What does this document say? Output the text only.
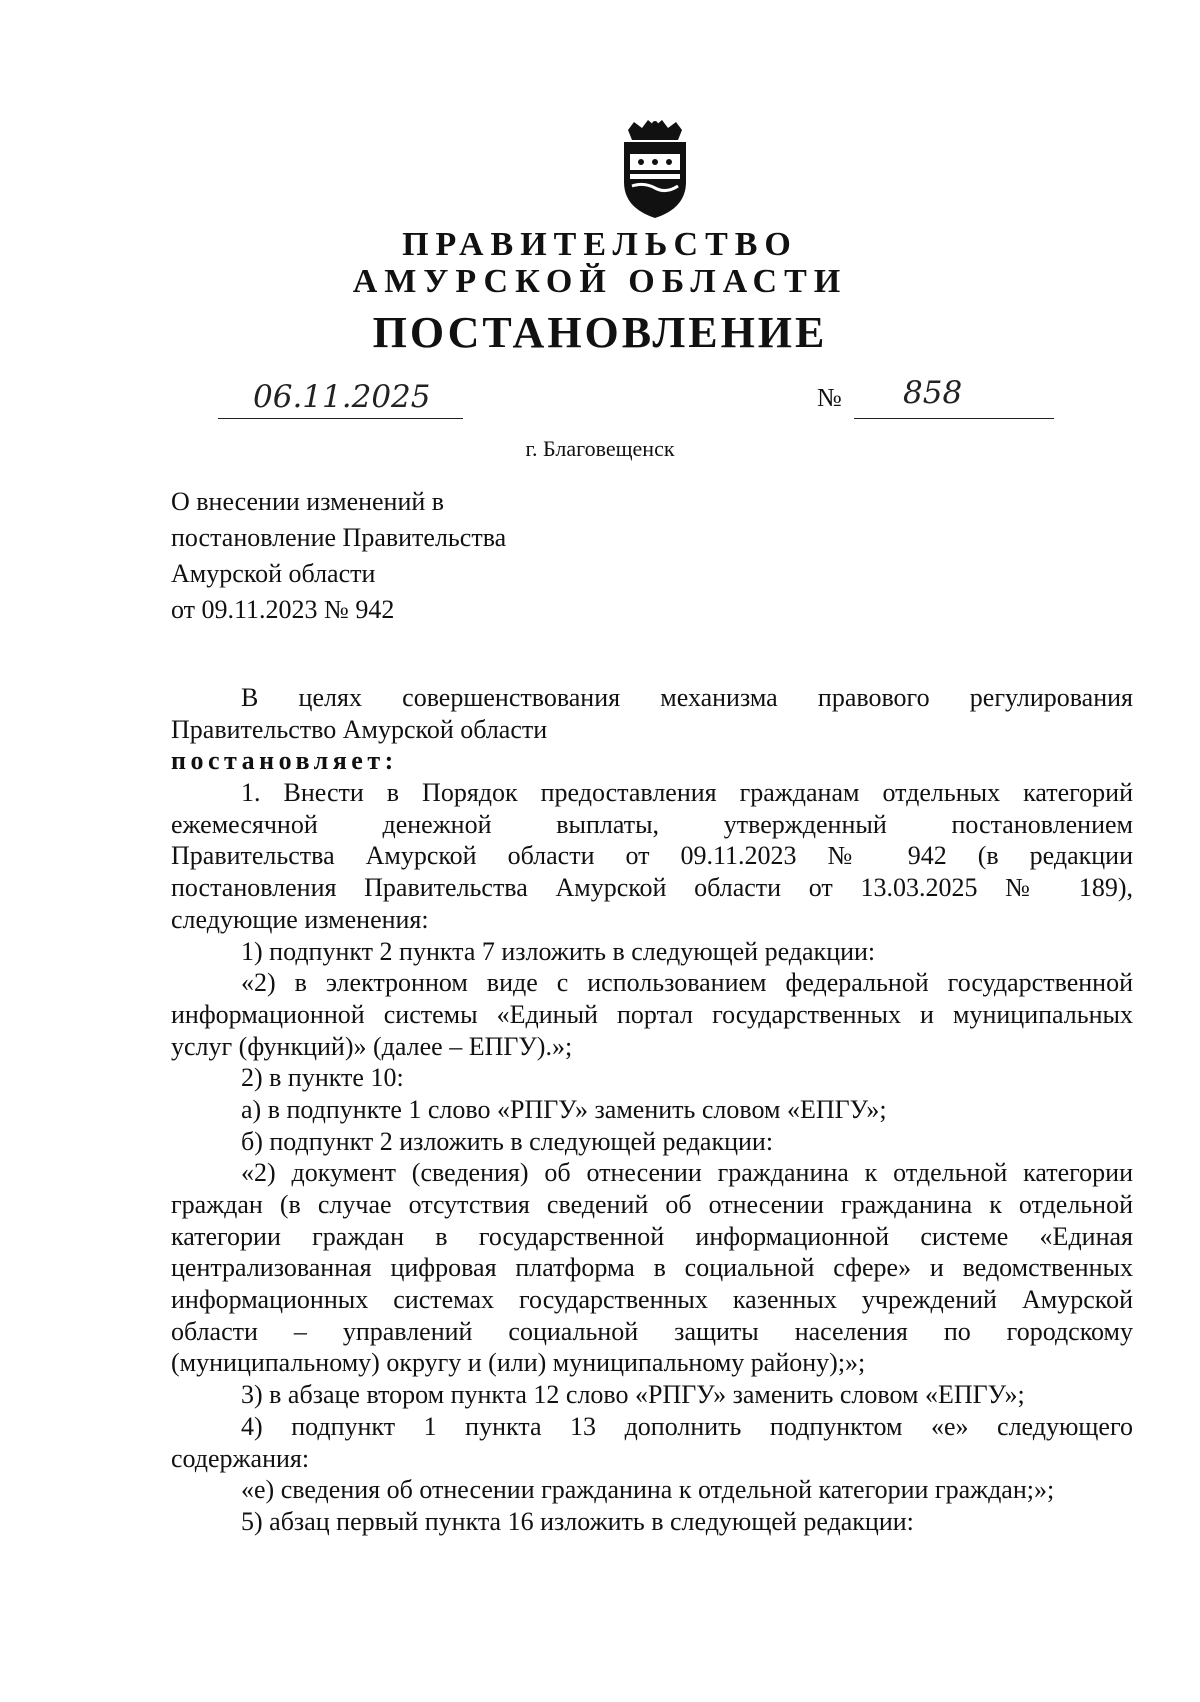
ПРАВИТЕЛЬСТВО
АМУРСКОЙ ОБЛАСТИ
ПОСТАНОВЛЕНИЕ
06.11.2025	№ 858
г. Благовещенск
О внесении изменений в
постановление Правительства
Амурской области
от 09.11.2023 № 942
В целях совершенствования механизма правового регулирования
Правительство Амурской области
постановляет:
1. Внести в Порядок предоставления гражданам отдельных категорий
ежемесячной денежной выплаты, утвержденный постановлением
Правительства Амурской области от 09.11.2023 № 942 (в редакции
постановления Правительства Амурской области от 13.03.2025 № 189),
следующие изменения:
1) подпункт 2 пункта 7 изложить в следующей редакции:
«2) в электронном виде с использованием федеральной государственной
информационной системы «Единый портал государственных и муниципальных
услуг (функций)» (далее – ЕПГУ).»;
2) в пункте 10:
а) в подпункте 1 слово «РПГУ» заменить словом «ЕПГУ»;
б) подпункт 2 изложить в следующей редакции:
«2) документ (сведения) об отнесении гражданина к отдельной категории
граждан (в случае отсутствия сведений об отнесении гражданина к отдельной
категории граждан в государственной информационной системе «Единая
централизованная цифровая платформа в социальной сфере» и ведомственных
информационных системах государственных казенных учреждений Амурской
области – управлений социальной защиты населения по городскому
(муниципальному) округу и (или) муниципальному району);»;
3) в абзаце втором пункта 12 слово «РПГУ» заменить словом «ЕПГУ»;
4) подпункт 1 пункта 13 дополнить подпунктом «е» следующего
содержания:
«е) сведения об отнесении гражданина к отдельной категории граждан;»;
5) абзац первый пункта 16 изложить в следующей редакции:
